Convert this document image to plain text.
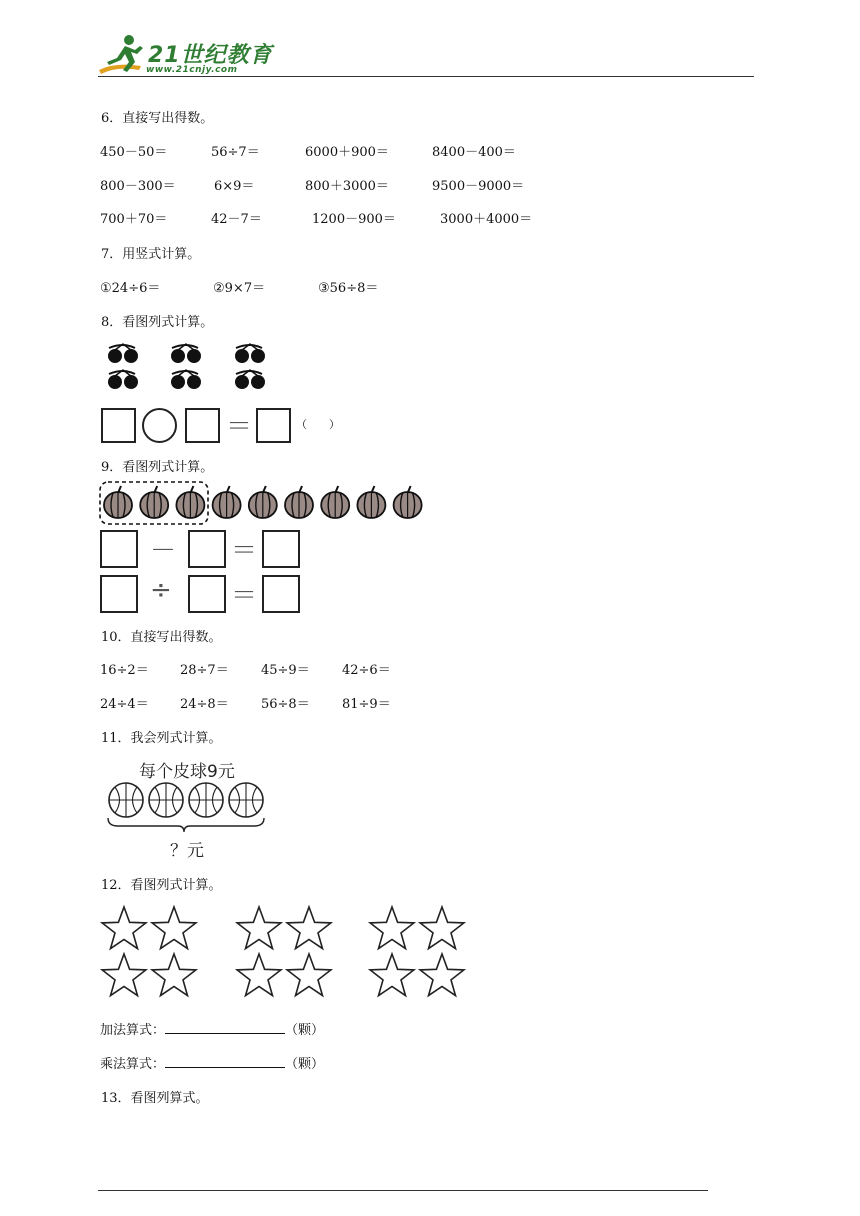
21世纪教育
www.21cnjy.com
6．直接写出得数。
450－50＝	56÷7＝	6000＋900＝	8400－400＝
800－300＝	6×9＝	800＋3000＝	9500－9000＝
700＋70＝	42－7＝	1200－900＝	3000＋4000＝
7．用竖式计算。
①24÷6＝	②9×7＝	③56÷8＝
8．看图列式计算。
＝	（　　）
9．看图列式计算。
－ ＝
÷ ＝
10．直接写出得数。
16÷2＝ 28÷7＝ 45÷9＝ 42÷6＝
24÷4＝ 24÷8＝ 56÷8＝ 81÷9＝
11．我会列式计算。
每个皮球9元
？元
12．看图列式计算。
加法算式：	（颗）
乘法算式：	（颗）
13．看图列算式。
